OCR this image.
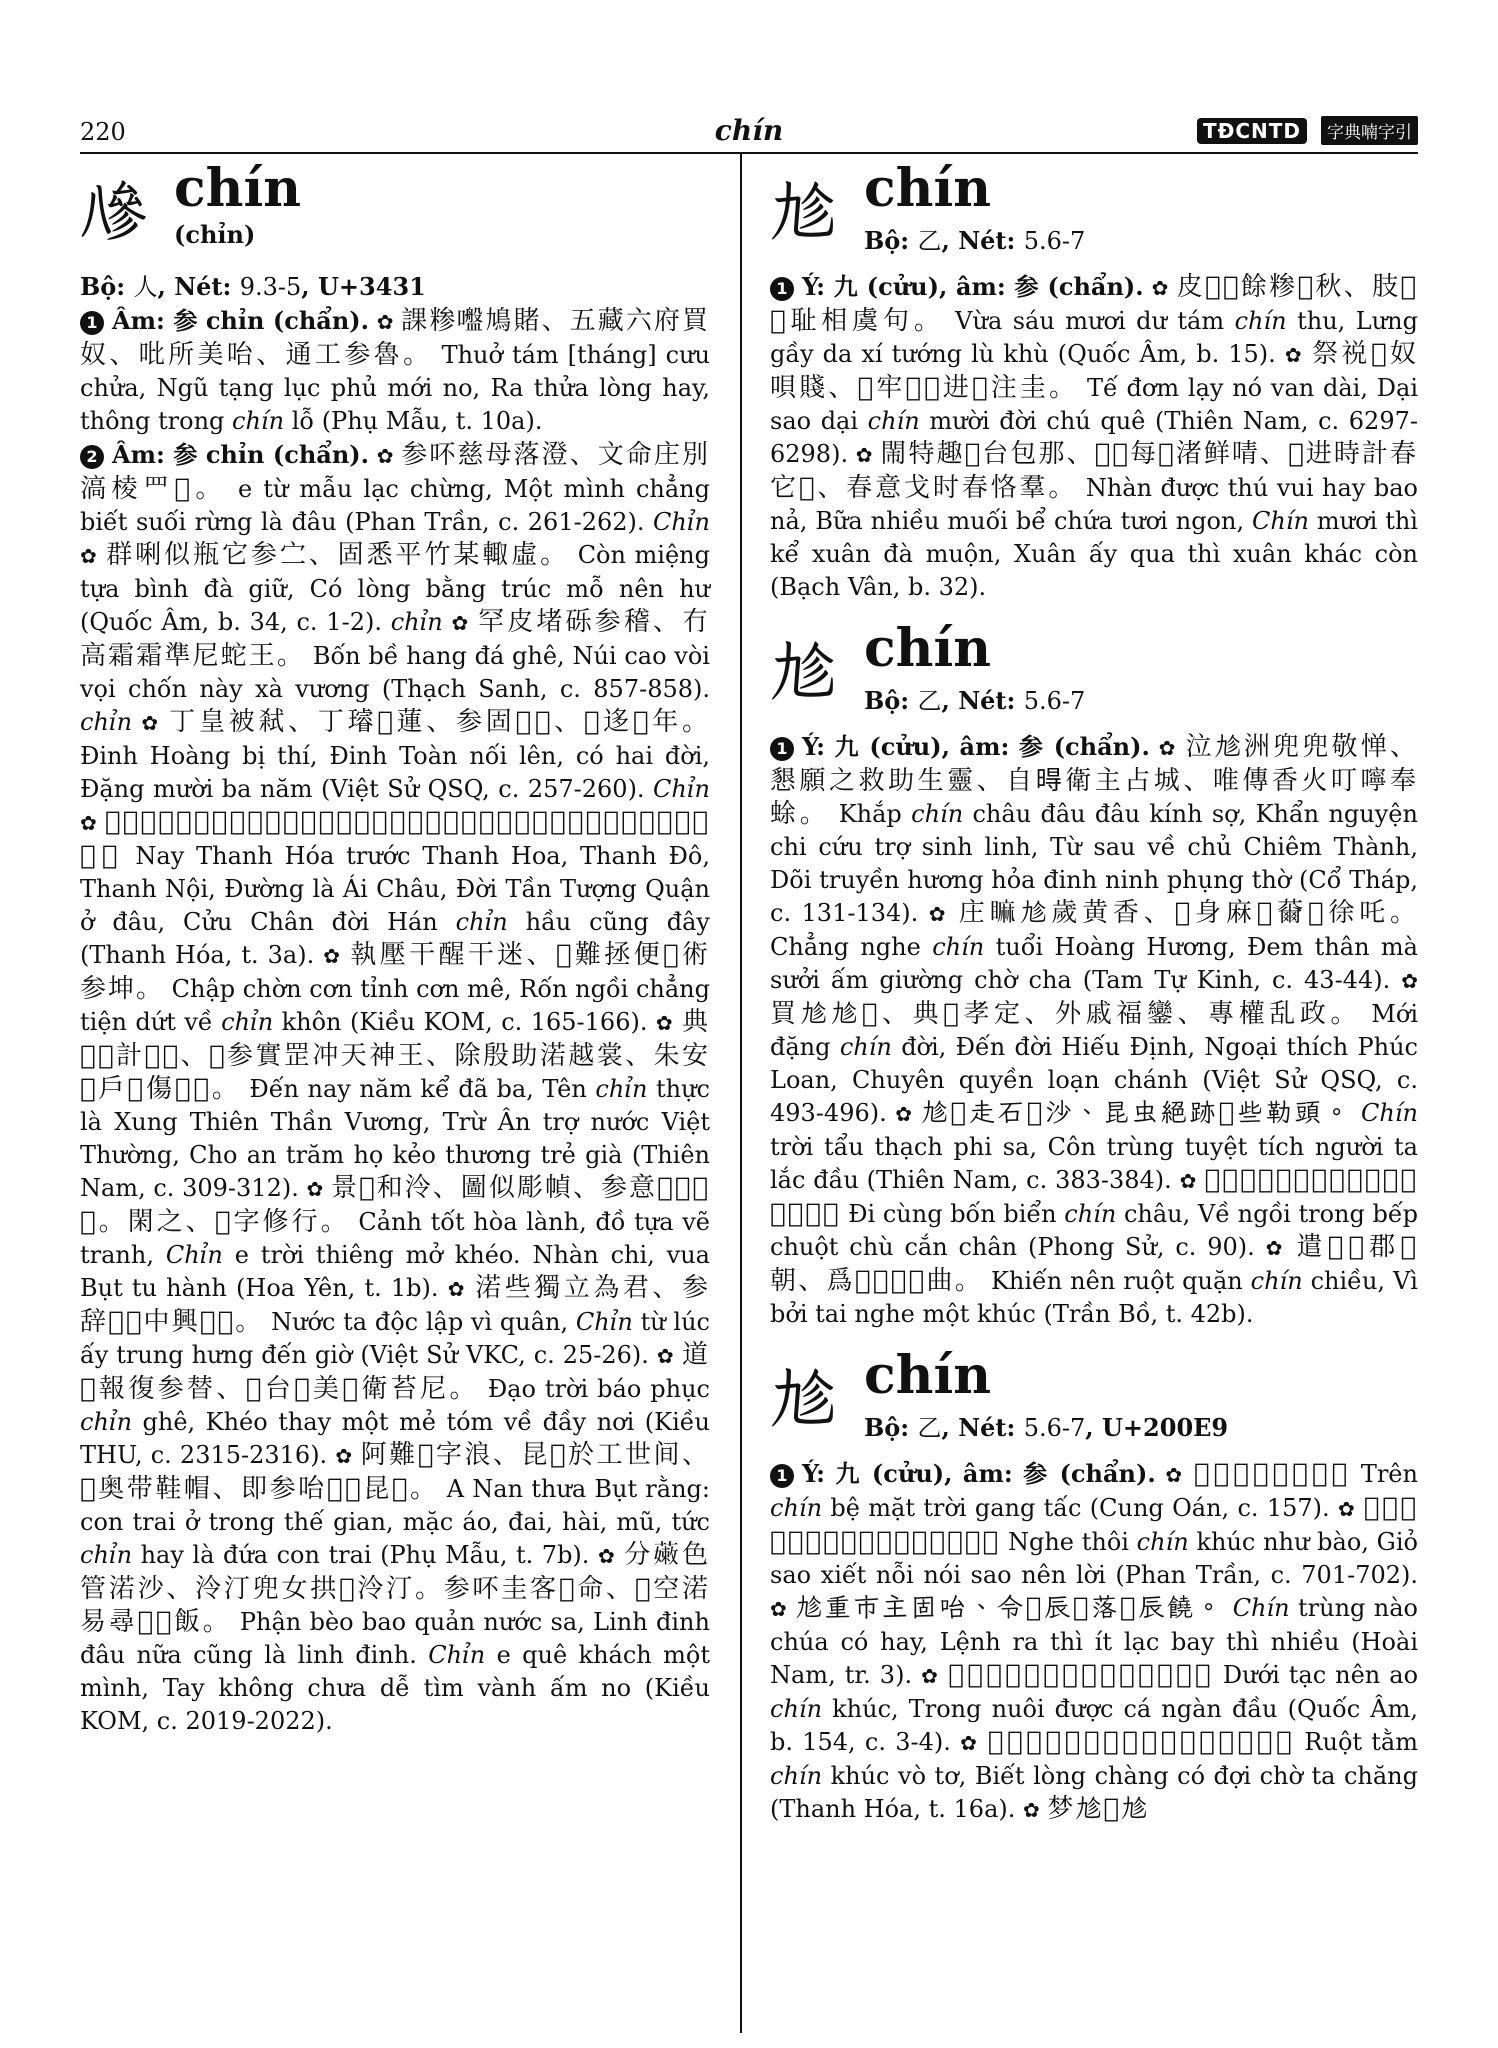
220	chín	TĐCNTD	字典喃字引
𠔭 chín
(chỉn)
Bộ: 人, Nét: 9.3-5, U+3431

1 Âm: 参 chỉn (chẩn). ✿ 課糁𡂑鳩賭、五藏六府買奴、吡所美咍、通工参魯。 Thuở tám [tháng] cưu chửa, Ngũ tạng lục phủ mới no, Ra thửa lòng hay, thông trong chín lỗ (Phụ Mẫu, t. 10a).

2 Âm: 参 chỉn (chẩn). ✿ 参吥慈母落澄、文命庄別滈棱罒𡗶。 e từ mẫu lạc chừng, Một mình chẳng biết suối rừng là đâu (Phan Trần, c. 261-262). Chỉn ✿ 群唎似瓶它参㝉、固悉平竹某輙虛。 Còn miệng tựa bình đà giữ, Có lòng bằng trúc mỗ nên hư (Quốc Âm, b. 34, c. 1-2). chỉn ✿ 罕皮堵砾参稽、冇高霜霜準尼蛇王。 Bốn bề hang đá ghê, Núi cao vòi vọi chốn này xà vương (Thạch Sanh, c. 857-858). chỉn ✿ 丁皇被弒、丁璿𦀊蓮、参固𠄩𢚸、𠃩迻𨑮年。 Đinh Hoàng bị thí, Đinh Toàn nối lên, có hai đời, Đặng mười ba năm (Việt Sử QSQ, c. 257-260). Chỉn ✿ 𠁀清化、䃏清花、清都、清内、唐羅愛州、𢚸秦象郡於𡗶、九真𢚸漢、参係拱低。 Nay Thanh Hóa trước Thanh Hoa, Thanh Đô, Thanh Nội, Đường là Ái Châu, Đời Tần Tượng Quận ở đâu, Cửu Chân đời Hán chỉn hầu cũng đây (Thanh Hóa, t. 3a). ✿ 執壓干醒干迷、𦛌難拯便𠜮術参坤。 Chập chờn cơn tỉnh cơn mê, Rốn ngồi chẳng tiện dứt về chỉn khôn (Kiều KOM, c. 165-166). ✿ 典𠁀𠦳計𠀧𢀭、𤞺参實罡冲天神王、除殷助渃越裳、朱安𡗶戶𠴜傷𡋂𦼔。 Đến nay năm kể đã ba, Tên chỉn thực là Xung Thiên Thần Vương, Trừ Ân trợ nước Việt Thường, Cho an trăm họ kẻo thương trẻ già (Thiên Nam, c. 309-312). ✿ 景𠅮和泠、圖似彫幀、参意𡗶𥕧𢷀𡗶。閑之、𢘾字修行。 Cảnh tốt hòa lành, đồ tựa vẽ tranh, Chỉn e trời thiêng mở khéo. Nhàn chi, vua Bụt tu hành (Hoa Yên, t. 1b). ✿ 渃些獨立為君、参辞𣅶𡗶中興𨫊𢀭。 Nước ta độc lập vì quân, Chỉn từ lúc ấy trung hưng đến giờ (Việt Sử VKC, c. 25-26). ✿ 道𡗶報復参替、𡗶台𤁕美𢬣衛苔尼。 Đạo trời báo phục chỉn ghê, Khéo thay một mẻ tóm về đầy nơi (Kiều THU, c. 2315-2316). ✿ 阿難𢆥字浪、昆𤳆於工世间、𧞣奥带鞋帽、即参咍𠃣𥘀昆𤳆。 A Nan thưa Bụt rằng: con trai ở trong thế gian, mặc áo, đai, hài, mũ, tức chỉn hay là đứa con trai (Phụ Mẫu, t. 7b). ✿ 分𧀒色管渃沙、泠汀兜女拱𢀭泠汀。参吥圭客𤁕命、𡗶空渃易尋𨨨𡗶飯。 Phận bèo bao quản nước sa, Linh đinh đâu nữa cũng là linh đinh. Chỉn e quê khách một mình, Tay không chưa dễ tìm vành ấm no (Kiều KOM, c. 2019-2022).

𠃩 chín
Bộ: 乙, Nét: 5.6-7

1 Ý: 九 (cửu), âm: 参 (chẩn). ✿ 皮𢆥𢆥餘糁𠃩秋、肢𦛌𠃩耻相虞句。 Vừa sáu mươi dư tám chín thu, Lưng gầy da xí tướng lù khù (Quốc Âm, b. 15). ✿ 祭祱𢬣奴唄賤、𤵺牢𤵺𠃩进𢀭注圭。 Tế đơm lạy nó van dài, Dại sao dại chín mười đời chú quê (Thiên Nam, c. 6297-6298). ✿ 閙特趣𨐮台包那、𩛷𢀭每𤁕渚鲜啨、𠃩进時計春它𡗶、春意戈时春恪羣。 Nhàn được thú vui hay bao nả, Bữa nhiều muối bể chứa tươi ngon, Chín mươi thì kể xuân đà muộn, Xuân ấy qua thì xuân khác còn (Bạch Vân, b. 32).

𠃩 chín
Bộ: 乙, Nét: 5.6-7

1 Ý: 九 (cửu), âm: 参 (chẩn). ✿ 泣𠃩洲兜兜敬惮、懇願之救助生靈、自𣈜衛主占城、唯傳香火叮嚀奉蜍。 Khắp chín châu đâu đâu kính sợ, Khẩn nguyện chi cứu trợ sinh linh, Từ sau về chủ Chiêm Thành, Dõi truyền hương hỏa đinh ninh phụng thờ (Cổ Tháp, c. 131-134). ✿ 庄𥊚𠃩歲黄香、𠆳身麻𤁕䕥𡗶徐吒。 Chẳng nghe chín tuổi Hoàng Hương, Đem thân mà sưởi ấm giường chờ cha (Tam Tự Kinh, c. 43-44). ✿ 買𠃩𠃩𢚸、典𢚸孝定、外戚福鑾、專權乱政。 Mới đặng chín đời, Đến đời Hiếu Định, Ngoại thích Phúc Loan, Chuyên quyền loạn chánh (Việt Sử QSQ, c. 493-496). ✿ 𠃩𡗶走石𢀭沙、昆虫絶跡𨈒些勒頭。 Chín trời tẩu thạch phi sa, Côn trùng tuyệt tích người ta lắc đầu (Thiên Nam, c. 383-384). ✿ 𢀭窮罕𤅶𠃩州、衛坐𦛌炡狄厨哏𧿆。 Đi cùng bốn biển chín châu, Về ngồi trong bếp chuột chù cắn chân (Phong Sử, c. 90). ✿ 遣𨂔𦛌郡𠃩朝、爲𤴬𦗏𥊚𠃩曲。 Khiến nên ruột quặn chín chiều, Vì bởi tai nghe một khúc (Trần Bồ, t. 42b).

𠃩 chín
Bộ: 乙, Nét: 5.6-7, U+200E9

1 Ý: 九 (cửu), âm: 参 (chẩn). ✿ 𨖅𠃩陛𩈘𡗶𢀭𠦳。 Trên chín bệ mặt trời gang tấc (Cung Oán, c. 157). ✿ 𦖑催𠃩曲如炮、𢀭牢𡗶餒吶牢𨂔𠴜。 Nghe thôi chín khúc như bào, Giỏ sao xiết nỗi nói sao nên lời (Phan Trần, c. 701-702). ✿ 𠃩重市主固咍、令𨖅辰𠃣落𢀭辰饒。 Chín trùng nào chúa có hay, Lệnh ra thì ít lạc bay thì nhiều (Hoài Nam, tr. 3). ✿ 𢀭𦛌𨂔𤁕𠃩曲、𩵜餒特𩵜𠦳頭。 Dưới tạc nên ao chín khúc, Trong nuôi được cá ngàn đầu (Quốc Âm, b. 154, c. 3-4). ✿ 𦛌蚕𠃩曲紆絲、別悉払固待徐些庄。 Ruột tằm chín khúc vò tơ, Biết lòng chàng có đợi chờ ta chăng (Thanh Hóa, t. 16a). ✿ 梦𠃩𦛌𠃩
